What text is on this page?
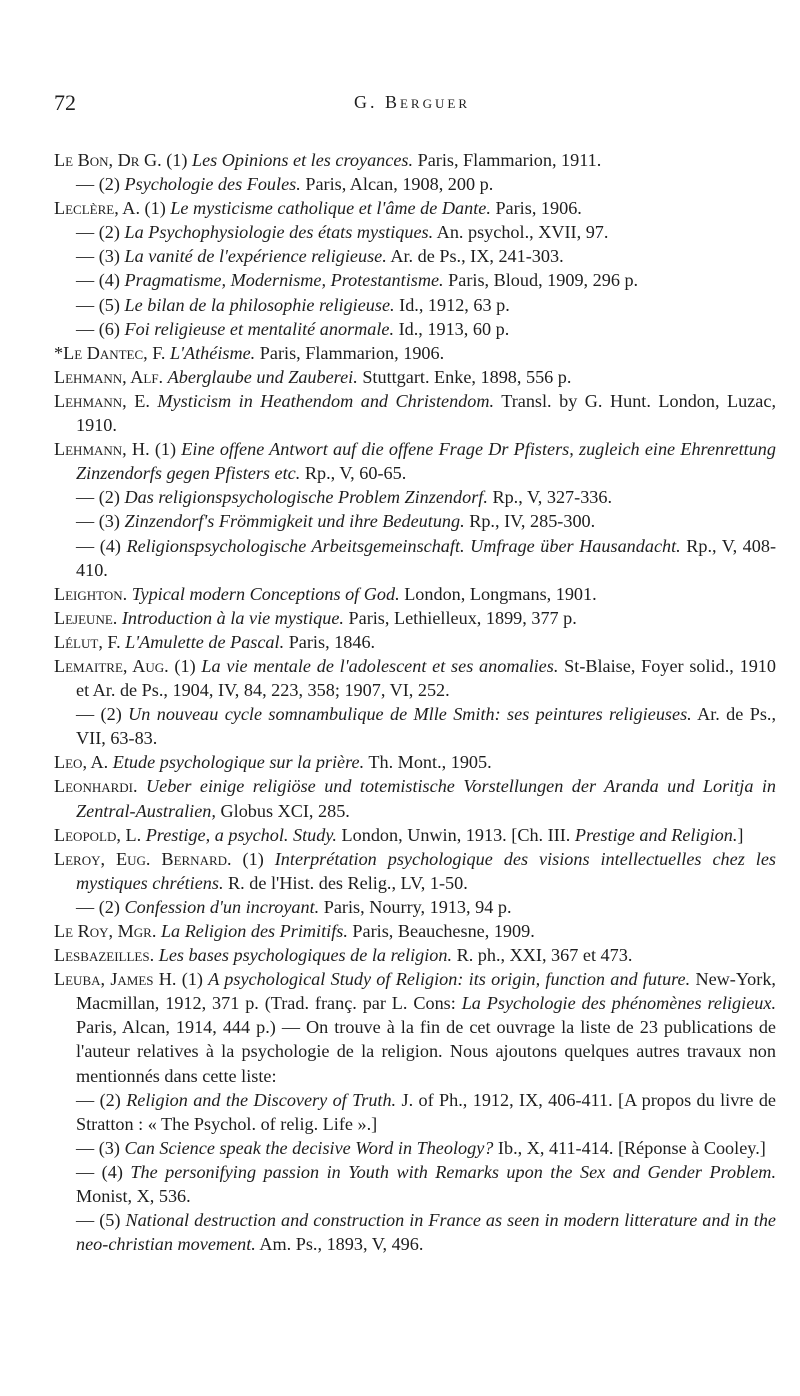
72	G. Berguer

Le Bon, Dr G. (1) Les Opinions et les croyances. Paris, Flammarion, 1911.

— (2) Psychologie des Foules. Paris, Alcan, 1908, 200 p.

Leclère, A. (1) Le mysticisme catholique et l'âme de Dante. Paris, 1906.

— (2) La Psychophysiologie des états mystiques. An. psychol., XVII, 97.

— (3) La vanité de l'expérience religieuse. Ar. de Ps., IX, 241-303.

— (4) Pragmatisme, Modernisme, Protestantisme. Paris, Bloud, 1909, 296 p.

— (5) Le bilan de la philosophie religieuse. Id., 1912, 63 p.

— (6) Foi religieuse et mentalité anormale. Id., 1913, 60 p.

*Le Dantec, F. L'Athéisme. Paris, Flammarion, 1906.

Lehmann, Alf. Aberglaube und Zauberei. Stuttgart. Enke, 1898, 556 p.

Lehmann, E. Mysticism in Heathendom and Christendom. Transl. by G. Hunt. London, Luzac, 1910.

Lehmann, H. (1) Eine offene Antwort auf die offene Frage Dr Pfisters, zugleich eine Ehrenrettung Zinzendorfs gegen Pfisters etc. Rp., V, 60-65.

— (2) Das religionspsychologische Problem Zinzendorf. Rp., V, 327-336.

— (3) Zinzendorf's Frömmigkeit und ihre Bedeutung. Rp., IV, 285-300.

— (4) Religionspsychologische Arbeitsgemeinschaft. Umfrage über Hausandacht. Rp., V, 408-410.

Leighton. Typical modern Conceptions of God. London, Longmans, 1901.

Lejeune. Introduction à la vie mystique. Paris, Lethielleux, 1899, 377 p.

Lélut, F. L'Amulette de Pascal. Paris, 1846.

Lemaitre, Aug. (1) La vie mentale de l'adolescent et ses anomalies. St-Blaise, Foyer solid., 1910 et Ar. de Ps., 1904, IV, 84, 223, 358; 1907, VI, 252.

— (2) Un nouveau cycle somnambulique de Mlle Smith: ses peintures religieuses. Ar. de Ps., VII, 63-83.

Leo, A. Etude psychologique sur la prière. Th. Mont., 1905.

Leonhardi. Ueber einige religiöse und totemistische Vorstellungen der Aranda und Loritja in Zentral-Australien, Globus XCI, 285.

Leopold, L. Prestige, a psychol. Study. London, Unwin, 1913. [Ch. III. Prestige and Religion.]

Leroy, Eug. Bernard. (1) Interprétation psychologique des visions intellectuelles chez les mystiques chrétiens. R. de l'Hist. des Relig., LV, 1-50.

— (2) Confession d'un incroyant. Paris, Nourry, 1913, 94 p.

Le Roy, Mgr. La Religion des Primitifs. Paris, Beauchesne, 1909.

Lesbazeilles. Les bases psychologiques de la religion. R. ph., XXI, 367 et 473.

Leuba, James H. (1) A psychological Study of Religion: its origin, function and future. New-York, Macmillan, 1912, 371 p. (Trad. franç. par L. Cons: La Psychologie des phénomènes religieux. Paris, Alcan, 1914, 444 p.) — On trouve à la fin de cet ouvrage la liste de 23 publications de l'auteur relatives à la psychologie de la religion. Nous ajoutons quelques autres travaux non mentionnés dans cette liste:

— (2) Religion and the Discovery of Truth. J. of Ph., 1912, IX, 406-411. [A propos du livre de Stratton : « The Psychol. of relig. Life ».]

— (3) Can Science speak the decisive Word in Theology? Ib., X, 411-414. [Réponse à Cooley.]

— (4) The personifying passion in Youth with Remarks upon the Sex and Gender Problem. Monist, X, 536.

— (5) National destruction and construction in France as seen in modern litterature and in the neo-christian movement. Am. Ps., 1893, V, 496.
